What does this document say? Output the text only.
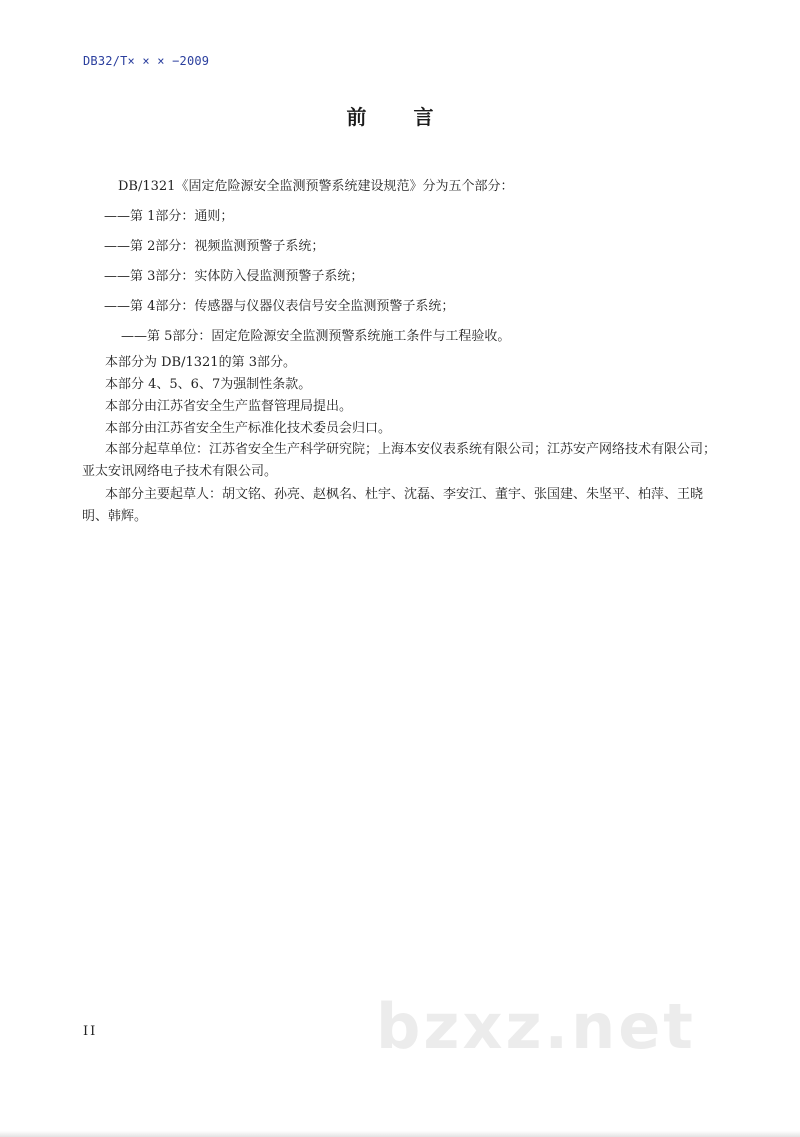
DB32/T× × × −2009
前 言
DB/1321《固定危险源安全监测预警系统建设规范》分为五个部分：
——第 1部分：通则；
——第 2部分：视频监测预警子系统；
——第 3部分：实体防入侵监测预警子系统；
——第 4部分：传感器与仪器仪表信号安全监测预警子系统；
——第 5部分：固定危险源安全监测预警系统施工条件与工程验收。
本部分为 DB/1321的第 3部分。
本部分 4、5、6、7为强制性条款。
本部分由江苏省安全生产监督管理局提出。
本部分由江苏省安全生产标准化技术委员会归口。
本部分起草单位：江苏省安全生产科学研究院；上海本安仪表系统有限公司；江苏安产网络技术有限公司；亚太安讯网络电子技术有限公司。
本部分主要起草人：胡文铭、孙亮、赵枫名、杜宇、沈磊、李安江、董宇、张国建、朱坚平、柏萍、王晓明、韩辉。
II	bzxz.net
